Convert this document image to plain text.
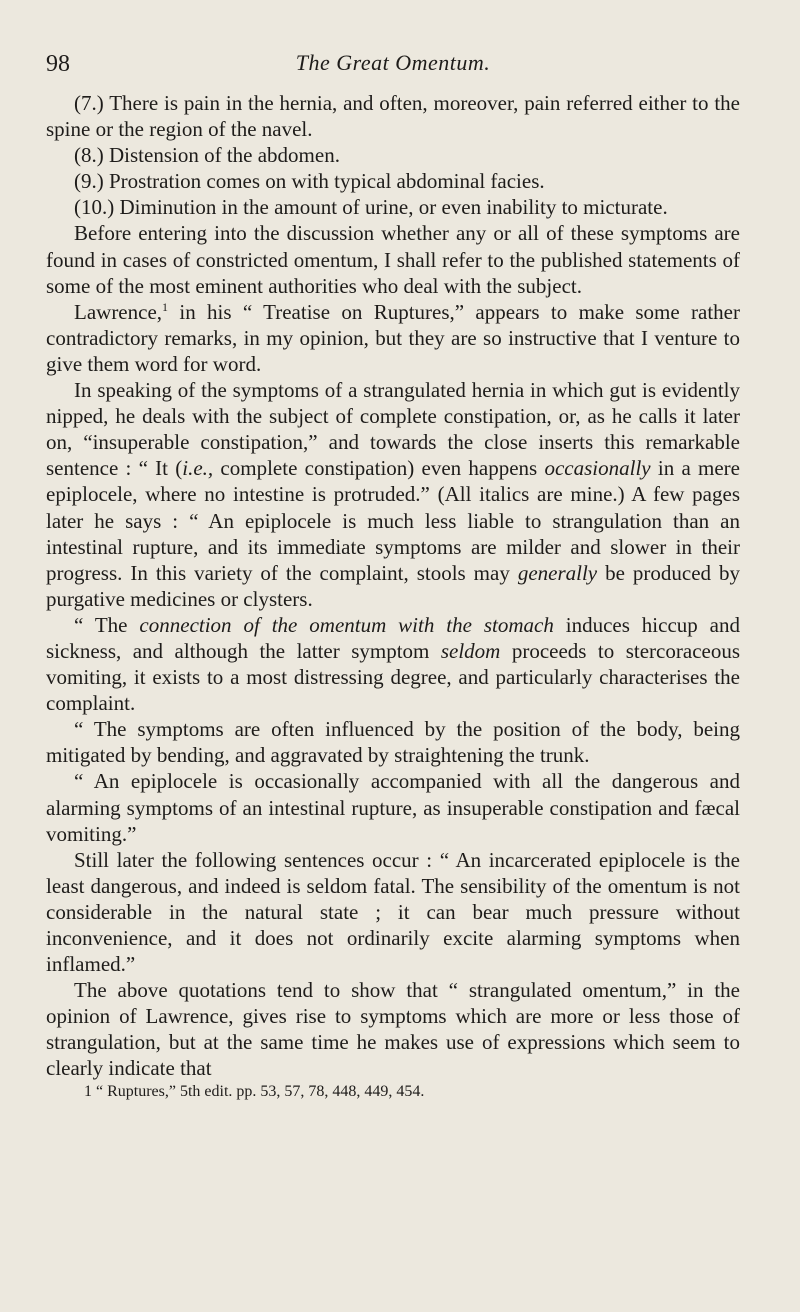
98	The Great Omentum.

(7.) There is pain in the hernia, and often, moreover, pain referred either to the spine or the region of the navel.

(8.) Distension of the abdomen.

(9.) Prostration comes on with typical abdominal facies.

(10.) Diminution in the amount of urine, or even inability to micturate.

Before entering into the discussion whether any or all of these symptoms are found in cases of constricted omentum, I shall refer to the published statements of some of the most eminent authorities who deal with the subject.

Lawrence,$^1$ in his “ Treatise on Ruptures,” appears to make some rather contradictory remarks, in my opinion, but they are so instructive that I venture to give them word for word.

In speaking of the symptoms of a strangulated hernia in which gut is evidently nipped, he deals with the subject of complete constipation, or, as he calls it later on, “insuperable constipation,” and towards the close inserts this remarkable sentence : “ It (i.e., complete constipation) even happens occasionally in a mere epiplocele, where no intestine is protruded.” (All italics are mine.) A few pages later he says : “ An epiplocele is much less liable to strangulation than an intestinal rupture, and its immediate symptoms are milder and slower in their progress. In this variety of the complaint, stools may generally be produced by purgative medicines or clysters.

“ The connection of the omentum with the stomach induces hiccup and sickness, and although the latter symptom seldom proceeds to stercoraceous vomiting, it exists to a most distressing degree, and particularly characterises the complaint.

“ The symptoms are often influenced by the position of the body, being mitigated by bending, and aggravated by straightening the trunk.

“ An epiplocele is occasionally accompanied with all the dangerous and alarming symptoms of an intestinal rupture, as insuperable constipation and fæcal vomiting.”

Still later the following sentences occur : “ An incarcerated epiplocele is the least dangerous, and indeed is seldom fatal. The sensibility of the omentum is not considerable in the natural state ; it can bear much pressure without inconvenience, and it does not ordinarily excite alarming symptoms when inflamed.”

The above quotations tend to show that “ strangulated omentum,” in the opinion of Lawrence, gives rise to symptoms which are more or less those of strangulation, but at the same time he makes use of expressions which seem to clearly indicate that

1 “ Ruptures,” 5th edit. pp. 53, 57, 78, 448, 449, 454.
